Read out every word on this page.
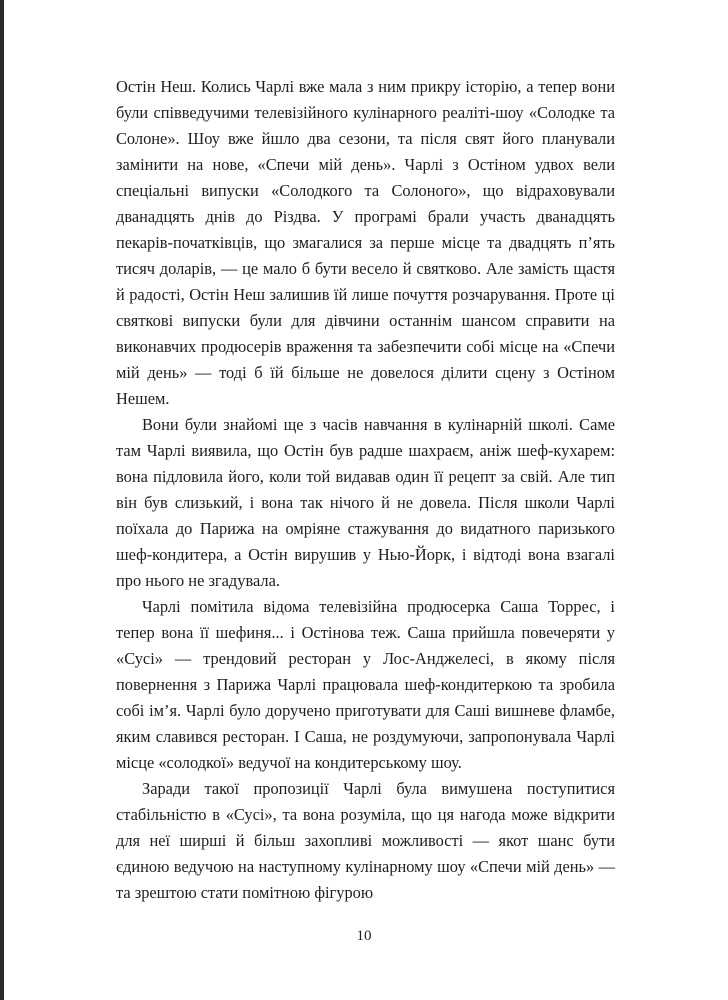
Остін Неш. Колись Чарлі вже мала з ним прикру історію, а тепер вони були співведучими телевізійного кулінарного реаліті-шоу «Солодке та Солоне». Шоу вже йшло два сезони, та після свят його планували замінити на нове, «Спечи мій день». Чарлі з Остіном удвох вели спеціальні випуски «Солодкого та Солоного», що відраховували дванадцять днів до Різдва. У програмі брали участь дванадцять пекарів-початківців, що змагалися за перше місце та двадцять п’ять тисяч доларів, — це мало б бути весело й святково. Але замість щастя й радості, Остін Неш залишив їй лише почуття розчарування. Проте ці святкові випуски були для дівчини останнім шансом справити на виконавчих продюсерів враження та забезпечити собі місце на «Спечи мій день» — тоді б їй більше не довелося ділити сцену з Остіном Нешем.

Вони були знайомі ще з часів навчання в кулінарній школі. Саме там Чарлі виявила, що Остін був радше шахраєм, аніж шеф-кухарем: вона підловила його, коли той видавав один її рецепт за свій. Але тип він був слизький, і вона так нічого й не довела. Після школи Чарлі поїхала до Парижа на омріяне стажування до видатного паризького шеф-кондитера, а Остін вирушив у Нью-Йорк, і відтоді вона взагалі про нього не згадувала.

Чарлі помітила відома телевізійна продюсерка Саша Торрес, і тепер вона її шефиня... і Остінова теж. Саша прийшла повечеряти у «Сусі» — трендовий ресторан у Лос-Анджелесі, в якому після повернення з Парижа Чарлі працювала шеф-кондитеркою та зробила собі ім’я. Чарлі було доручено приготувати для Саші вишневе фламбе, яким славився ресторан. І Саша, не роздумуючи, запропонувала Чарлі місце «солодкої» ведучої на кондитерському шоу.

Заради такої пропозиції Чарлі була вимушена поступитися стабільністю в «Сусі», та вона розуміла, що ця нагода може відкрити для неї ширші й більш захопливі можливості — якот шанс бути єдиною ведучою на наступному кулінарному шоу «Спечи мій день» — та зрештою стати помітною фігурою

10
